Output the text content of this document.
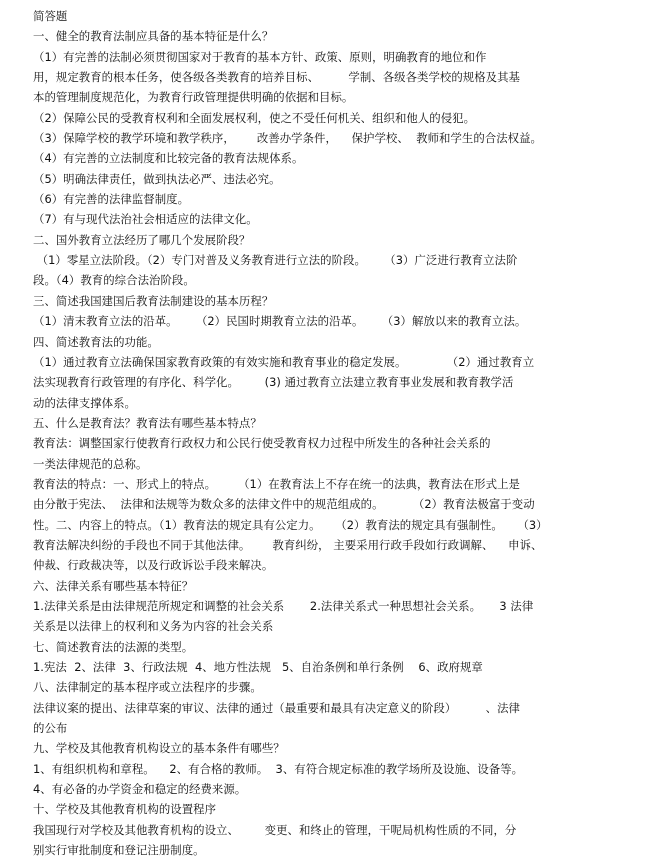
简答题
一、健全的教育法制应具备的基本特征是什么？
（1）有完善的法制必须贯彻国家对于教育的基本方针、政策、原则，明确教育的地位和作
用，规定教育的根本任务，使各级各类教育的培养目标、        学制、各级各类学校的规格及其基
本的管理制度规范化，为教育行政管理提供明确的依据和目标。
（2）保障公民的受教育权利和全面发展权利，使之不受任何机关、组织和他人的侵犯。
（3）保障学校的教学环境和教学秩序，      改善办学条件，    保护学校、  教师和学生的合法权益。
（4）有完善的立法制度和比较完备的教育法规体系。
（5）明确法律责任，做到执法必严、违法必究。
（6）有完善的法律监督制度。
（7）有与现代法治社会相适应的法律文化。
二、国外教育立法经历了哪几个发展阶段？
（1）零星立法阶段。（2）专门对普及义务教育进行立法的阶段。     （3）广泛进行教育立法阶
段。（4）教育的综合法治阶段。
三、简述我国建国后教育法制建设的基本历程？
（1）清末教育立法的沿革。     （2）民国时期教育立法的沿革。     （3）解放以来的教育立法。
四、简述教育法的功能。
（1）通过教育立法确保国家教育政策的有效实施和教育事业的稳定发展。           （2）通过教育立
法实现教育行政管理的有序化、科学化。       (3) 通过教育立法建立教育事业发展和教育教学活
动的法律支撑体系。
五、什么是教育法？教育法有哪些基本特点？
教育法：调整国家行使教育行政权力和公民行使受教育权力过程中所发生的各种社会关系的
一类法律规范的总称。
教育法的特点：一、形式上的特点。      （1）在教育法上不存在统一的法典，教育法在形式上是
由分散于宪法、  法律和法规等为数众多的法律文件中的规范组成的。        （2）教育法极富于变动
性。二、内容上的特点。（1）教育法的规定具有公定力。    （2）教育法的规定具有强制性。    （3）
教育法解决纠纷的手段也不同于其他法律。      教育纠纷， 主要采用行政手段如行政调解、    申诉、
仲裁、行政裁决等，以及行政诉讼手段来解决。
六、法律关系有哪些基本特征？
1.法律关系是由法律规范所规定和调整的社会关系       2.法律关系式一种思想社会关系。     3 法律
关系是以法律上的权利和义务为内容的社会关系
七、简述教育法的法源的类型。
1.宪法  2、法律  3、行政法规  4、地方性法规   5、自治条例和单行条例    6、政府规章
八、法律制定的基本程序或立法程序的步骤。
法律议案的提出、法律草案的审议、法律的通过（最重要和最具有决定意义的阶段）        、法律
的公布
九、学校及其他教育机构设立的基本条件有哪些？
1、有组织机构和章程。    2、有合格的教师。  3、有符合规定标准的教学场所及设施、设备等。
4、有必备的办学资金和稳定的经费来源。
十、学校及其他教育机构的设置程序
我国现行对学校及其他教育机构的设立、       变更、和终止的管理，干呢局机构性质的不同，分
别实行审批制度和登记注册制度。
